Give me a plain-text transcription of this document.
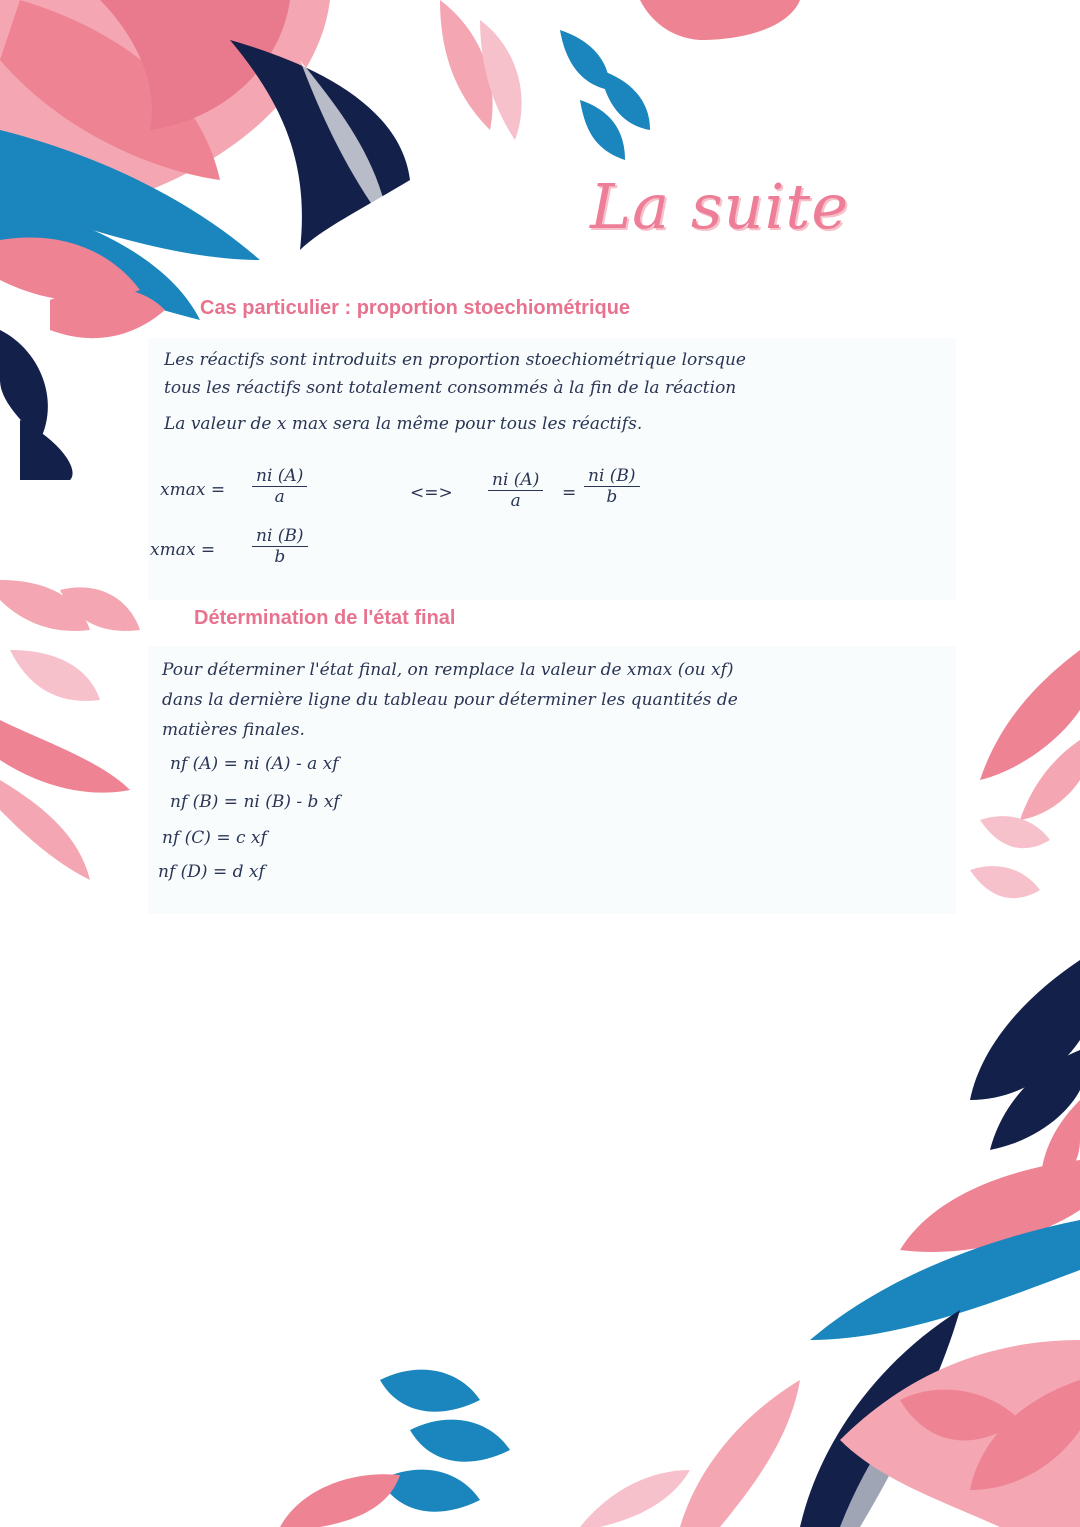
La suite
Cas particulier : proportion stoechiométrique
Les réactifs sont introduits en proportion stoechiométrique lorsque
tous les réactifs sont totalement consommés à la fin de la réaction
La valeur de x max sera la même pour tous les réactifs.
$xmax = \frac{ni (A)}{a}$	<=> $\frac{ni (A)}{a} = \frac{ni (B)}{b}$
$xmax = \frac{ni (B)}{b}$
Détermination de l'état final
Pour déterminer l'état final, on remplace la valeur de xmax (ou xf)
dans la dernière ligne du tableau pour déterminer les quantités de
matières finales.
nf (A) = ni (A) - a xf
nf (B) = ni (B) - b xf
nf (C) = c xf
nf (D) = d xf
